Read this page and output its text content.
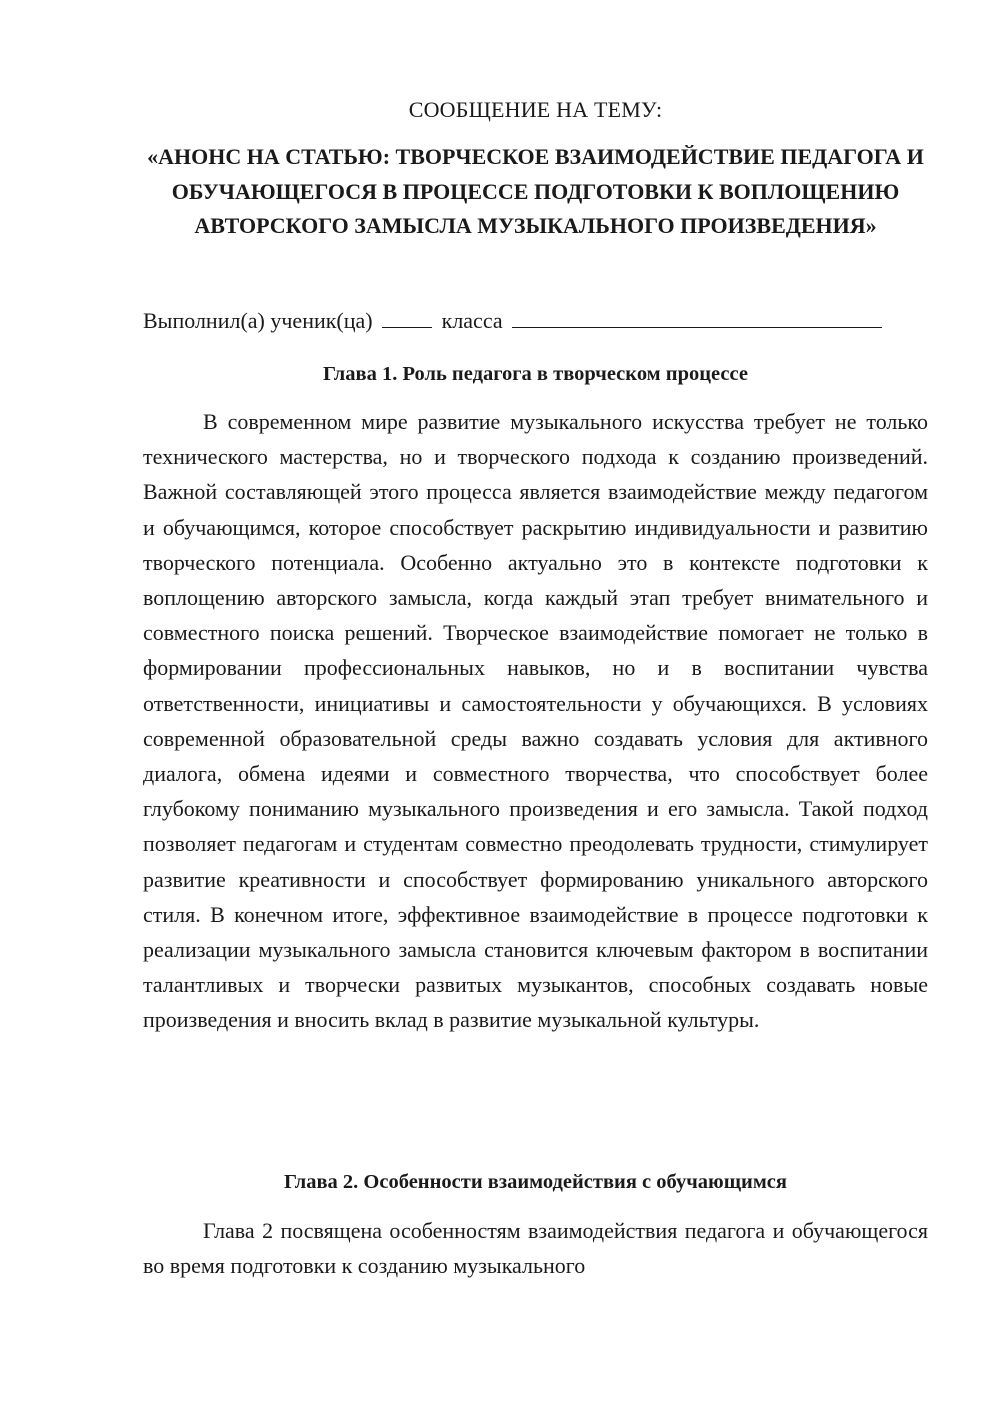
СООБЩЕНИЕ НА ТЕМУ:
«АНОНС НА СТАТЬЮ: ТВОРЧЕСКОЕ ВЗАИМОДЕЙСТВИЕ ПЕДАГОГА И ОБУЧАЮЩЕГОСЯ В ПРОЦЕССЕ ПОДГОТОВКИ К ВОПЛОЩЕНИЮ АВТОРСКОГО ЗАМЫСЛА МУЗЫКАЛЬНОГО ПРОИЗВЕДЕНИЯ»
Выполнил(а) ученик(ца)	класса
Глава 1. Роль педагога в творческом процессе
В современном мире развитие музыкального искусства требует не только технического мастерства, но и творческого подхода к созданию произведений. Важной составляющей этого процесса является взаимодействие между педагогом и обучающимся, которое способствует раскрытию индивидуальности и развитию творческого потенциала. Особенно актуально это в контексте подготовки к воплощению авторского замысла, когда каждый этап требует внимательного и совместного поиска решений. Творческое взаимодействие помогает не только в формировании профессиональных навыков, но и в воспитании чувства ответственности, инициативы и самостоятельности у обучающихся. В условиях современной образовательной среды важно создавать условия для активного диалога, обмена идеями и совместного творчества, что способствует более глубокому пониманию музыкального произведения и его замысла. Такой подход позволяет педагогам и студентам совместно преодолевать трудности, стимулирует развитие креативности и способствует формированию уникального авторского стиля. В конечном итоге, эффективное взаимодействие в процессе подготовки к реализации музыкального замысла становится ключевым фактором в воспитании талантливых и творчески развитых музыкантов, способных создавать новые произведения и вносить вклад в развитие музыкальной культуры.
Глава 2. Особенности взаимодействия с обучающимся
Глава 2 посвящена особенностям взаимодействия педагога и обучающегося во время подготовки к созданию музыкального
